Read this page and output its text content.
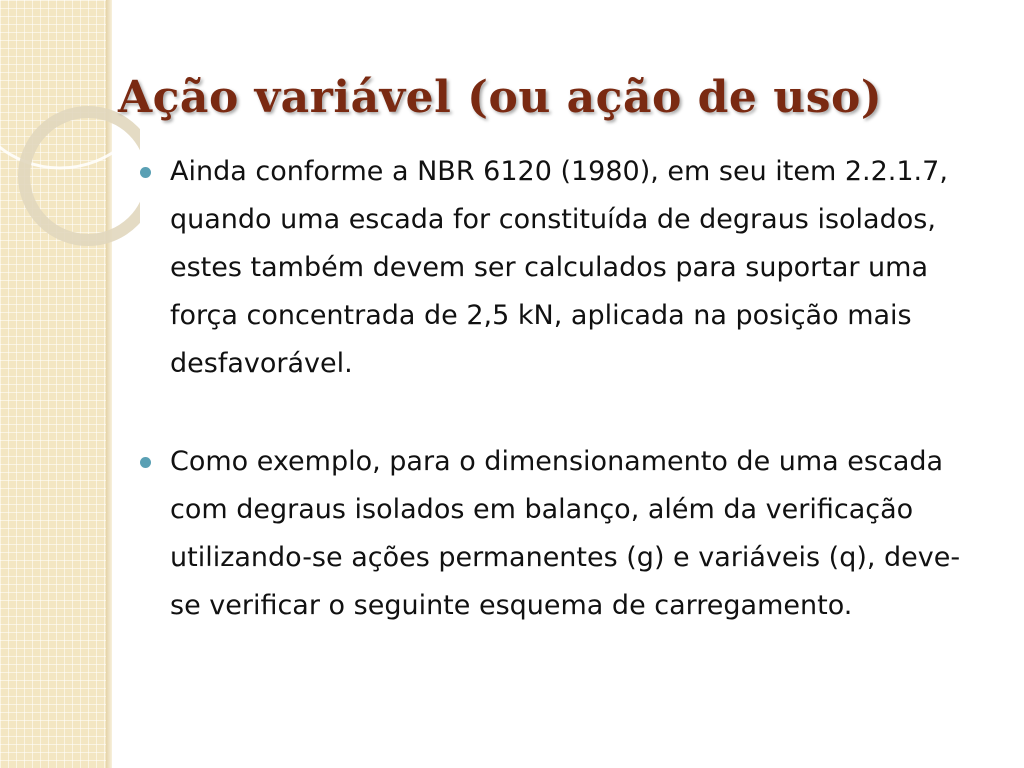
Ação variável (ou ação de uso)
Ainda conforme a NBR 6120 (1980), em seu item 2.2.1.7, quando uma escada for constituída de degraus isolados, estes também devem ser calculados para suportar uma força concentrada de 2,5 kN, aplicada na posição mais desfavorável.
Como exemplo, para o dimensionamento de uma escada com degraus isolados em balanço, além da verificação utilizando-se ações permanentes (g) e variáveis (q), deve-se verificar o seguinte esquema de carregamento.
